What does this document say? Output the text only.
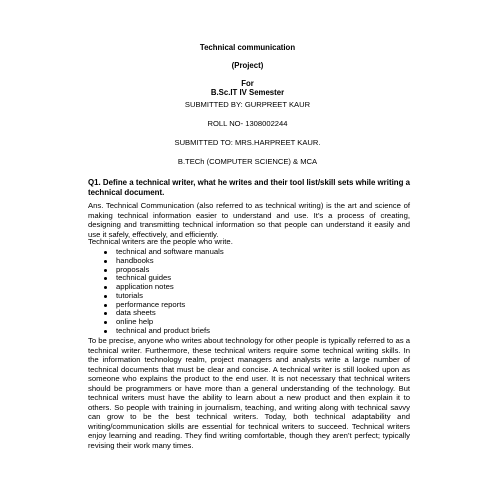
Technical communication
(Project)
For
B.Sc.IT IV Semester
SUBMITTED BY: GURPREET KAUR
ROLL NO- 1308002244
SUBMITTED TO: MRS.HARPREET KAUR.
B.TECh (COMPUTER SCIENCE) & MCA
Q1. Define a technical writer, what he writes and their tool list/skill sets while writing a technical document.

Ans. Technical Communication (also referred to as technical writing) is the art and science of making technical information easier to understand and use. It’s a process of creating, designing and transmitting technical information so that people can understand it easily and use it safely, effectively, and efficiently.

Technical writers are the people who write.
technical and software manuals
handbooks
proposals
technical guides
application notes
tutorials
performance reports
data sheets
online help
technical and product briefs

To be precise, anyone who writes about technology for other people is typically referred to as a technical writer. Furthermore, these technical writers require some technical writing skills. In the information technology realm, project managers and analysts write a large number of technical documents that must be clear and concise. A technical writer is still looked upon as someone who explains the product to the end user. It is not necessary that technical writers should be programmers or have more than a general understanding of the technology. But technical writers must have the ability to learn about a new product and then explain it to others. So people with training in journalism, teaching, and writing along with technical savvy can grow to be the best technical writers. Today, both technical adaptability and writing/communication skills are essential for technical writers to succeed. Technical writers enjoy learning and reading. They find writing comfortable, though they aren’t perfect; typically revising their work many times.
